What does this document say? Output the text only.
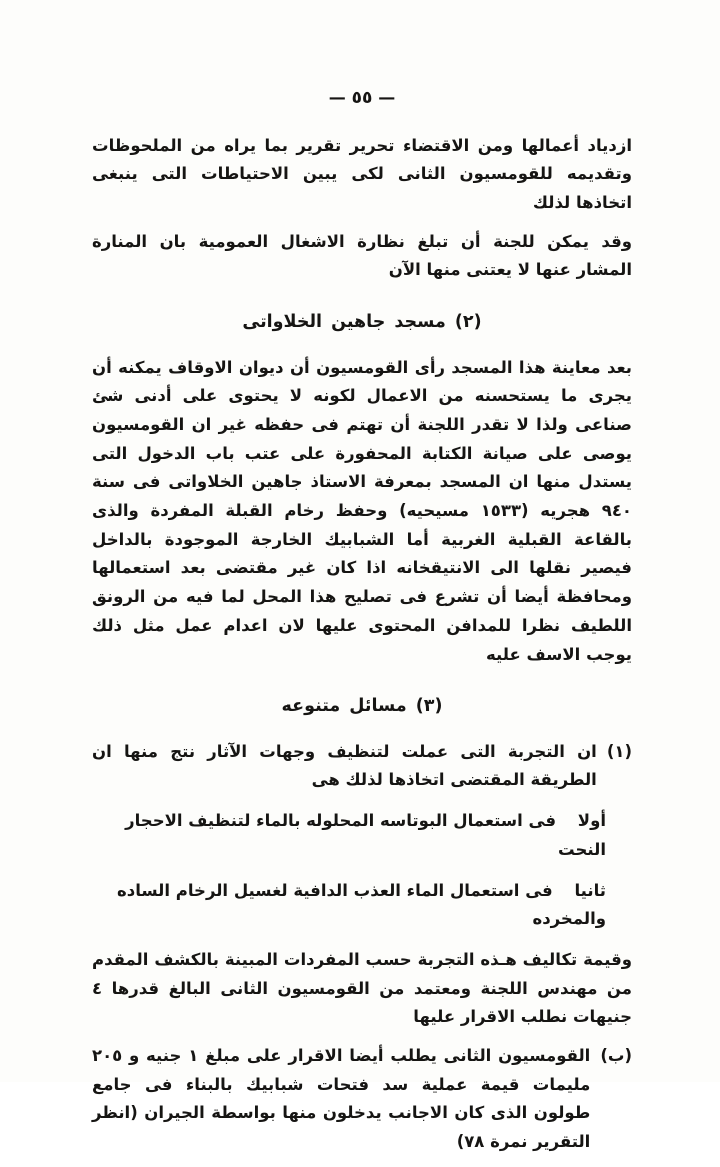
— ٥٥ —

ازدياد أعمالها ومن الاقتضاء تحرير تقرير بما يراه من الملحوظات وتقديمه للقومسيون الثانى لكى يبين الاحتياطات التى ينبغى اتخاذها لذلك

وقد يمكن للجنة أن تبلغ نظارة الاشغال العمومية بان المنارة المشار عنها لا يعتنى منها الآن

(٢) مسجد جاهين الخلاواتى

بعد معاينة هذا المسجد رأى القومسيون أن ديوان الاوقاف يمكنه أن يجرى ما يستحسنه من الاعمال لكونه لا يحتوى على أدنى شئ صناعى ولذا لا تقدر اللجنة أن تهتم فى حفظه غير ان القومسيون يوصى على صيانة الكتابة المحفورة على عتب باب الدخول التى يستدل منها ان المسجد بمعرفة الاستاذ جاهين الخلاواتى فى سنة ٩٤٠ هجريه (١٥٣٣ مسيحيه) وحفظ رخام القبلة المفردة والذى بالقاعة القبلية الغربية أما الشبابيك الخارجة الموجودة بالداخل فيصير نقلها الى الانتيقخانه اذا كان غير مقتضى بعد استعمالها ومحافظة أيضا أن تشرع فى تصليح هذا المحل لما فيه من الرونق اللطيف نظرا للمدافن المحتوى عليها لان اعدام عمل مثل ذلك يوجب الاسف عليه

(٣) مسائل متنوعه
(١)
ان التجربة التى عملت لتنظيف وجهات الآثار نتج منها ان الطريقة المقتضى اتخاذها لذلك هى
أولا فى استعمال البوتاسه المحلوله بالماء لتنظيف الاحجار النحت
ثانيا فى استعمال الماء العذب الدافية لغسيل الرخام الساده والمخرده

وقيمة تكاليف هـذه التجربة حسب المفردات المبينة بالكشف المقدم من مهندس اللجنة ومعتمد من القومسيون الثانى البالغ قدرها ٤ جنيهات نطلب الاقرار عليها

(ب)
القومسيون الثانى يطلب أيضا الاقرار على مبلغ ١ جنيه و ٢٠٥ مليمات قيمة عملية سد فتحات شبابيك بالبناء فى جامع طولون الذى كان الاجانب يدخلون منها بواسطة الجيران (انظر التقرير نمرة ٧٨)
